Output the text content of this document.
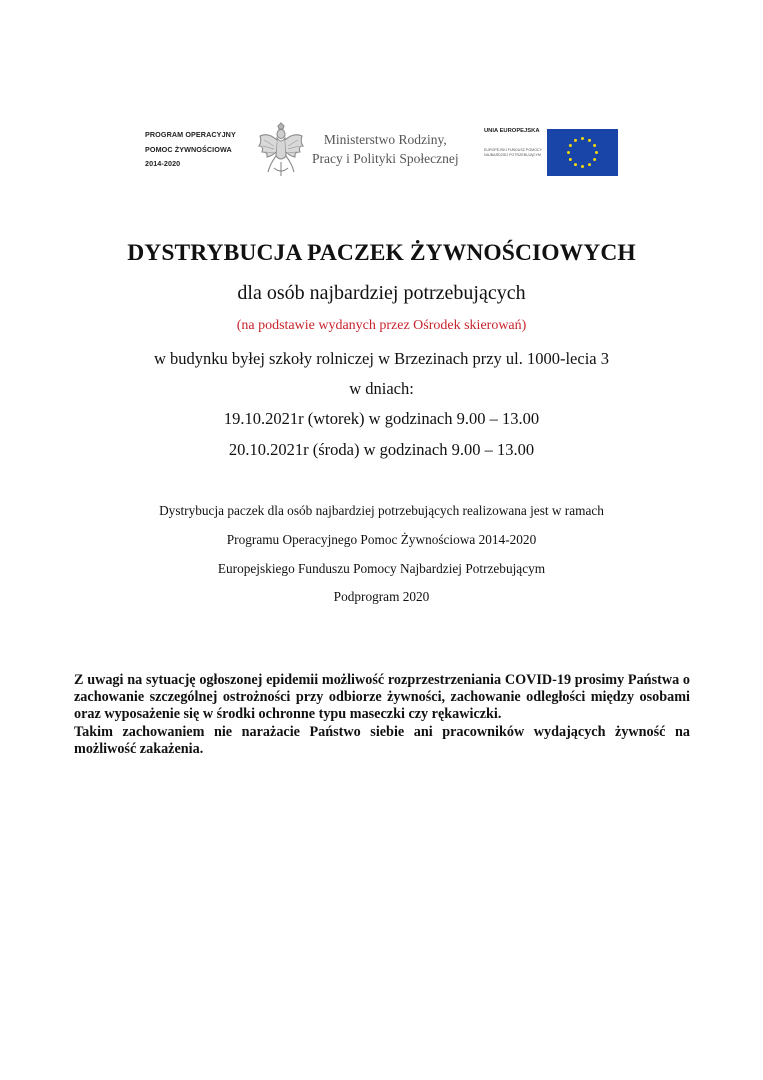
PROGRAM OPERACYJNY
POMOC ŻYWNOŚCIOWA
2014-2020
Ministerstwo Rodziny,
Pracy i Polityki Społecznej
UNIA EUROPEJSKA
EUROPEJSKI FUNDUSZ POMOCY
NAJBARDZIEJ POTRZEBUJĄCYM
DYSTRYBUCJA PACZEK ŻYWNOŚCIOWYCH
dla osób najbardziej potrzebujących
(na podstawie wydanych przez Ośrodek skierowań)
w budynku byłej szkoły rolniczej w Brzezinach przy ul. 1000-lecia 3
w dniach:
19.10.2021r (wtorek) w godzinach 9.00 – 13.00
20.10.2021r (środa) w godzinach 9.00 – 13.00
Dystrybucja paczek dla osób najbardziej potrzebujących realizowana jest w ramach
Programu Operacyjnego Pomoc Żywnościowa 2014-2020
Europejskiego Funduszu Pomocy Najbardziej Potrzebującym
Podprogram 2020

Z uwagi na sytuację ogłoszonej epidemii możliwość rozprzestrzeniania COVID-19 prosimy Państwa o zachowanie szczególnej ostrożności przy odbiorze żywności, zachowanie odległości między osobami oraz wyposażenie się w środki ochronne typu maseczki czy rękawiczki.

Takim zachowaniem nie narażacie Państwo siebie ani pracowników wydających żywność na możliwość zakażenia.
